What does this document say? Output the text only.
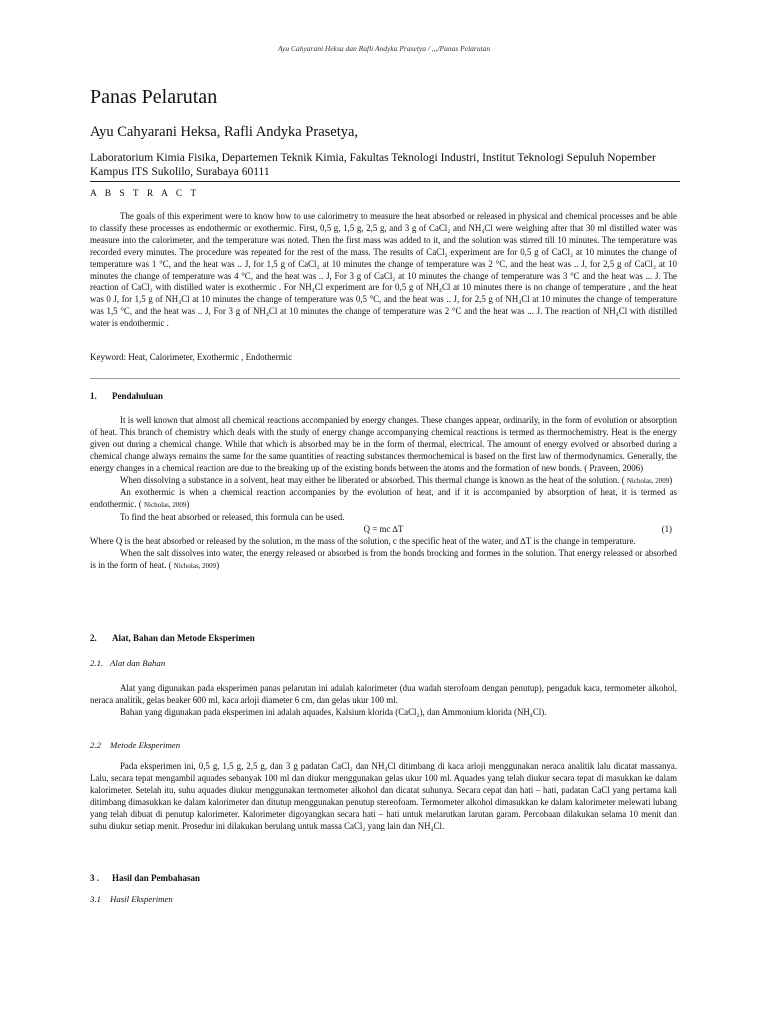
Ayu Cahyarani Heksa dan Rafli Andyka Prasetya / ,,,/Panas Pelarutan
Panas Pelarutan
Ayu Cahyarani Heksa, Rafli Andyka Prasetya,
Laboratorium Kimia Fisika, Departemen Teknik Kimia, Fakultas Teknologi Industri, Institut Teknologi Sepuluh Nopember Kampus ITS Sukolilo, Surabaya 60111
A B S T R A C T

The goals of this experiment were to know how to use calorimetry to measure the heat absorbed or released in physical and chemical processes and be able to classify these processes as endothermic or exothermic. First, 0,5 g, 1,5 g, 2,5 g, and 3 g of CaCl₂ and NH₄Cl were weighing after that 30 ml distilled water was measure into the calorimeter, and the temperature was noted. Then the first mass was added to it, and the solution was stirred till 10 minutes. The temperature was recorded every minutes. The procedure was repeated for the rest of the mass. The results of CaCl₂ experiment are for 0,5 g of CaCl₂ at 10 minutes the change of temperature was 1 °C, and the heat was .. J, for 1,5 g of CaCl₂ at 10 minutes the change of temperature was 2 °C, and the heat was .. J, for 2,5 g of CaCl₂ at 10 minutes the change of temperature was 4 °C, and the heat was .. J, For 3 g of CaCl₂ at 10 minutes the change of temperature was 3 °C and the heat was ... J. The reaction of CaCl₂ with distilled water is exothermic . For NH₄Cl experiment are for 0,5 g of NH₄Cl at 10 minutes there is no change of temperature , and the heat was 0 J, for 1,5 g of NH₄Cl at 10 minutes the change of temperature was 0,5 °C, and the heat was .. J, for 2,5 g of NH₄Cl at 10 minutes the change of temperature was 1,5 °C, and the heat was .. J, For 3 g of NH₄Cl at 10 minutes the change of temperature was 2 °C and the heat was ... J. The reaction of NH₄Cl with distilled water is endothermic .

Keyword: Heat, Calorimeter, Exothermic , Endothermic
1. Pendahuluan

It is well known that almost all chemical reactions accompanied by energy changes. These changes appear, ordinarily, in the form of evolution or absorption of heat. This branch of chemistry which deals with the study of energy change accompanying chemical reactions is termed as thermochemistry. Heat is the energy given out during a chemical change. While that which is absorbed may be in the form of thermal, electrical. The amount of energy evolved or absorbed during a chemical change always remains the same for the same quantities of reacting substances thermochemical is based on the first law of thermodynamics. Generally, the energy changes in a chemical reaction are due to the breaking up of the existing bonds between the atoms and the formation of new bonds. ( Praveen, 2006)

When dissolving a substance in a solvent, heat may either be liberated or absorbed. This thermal change is known as the heat of the solution. ( Nicholas, 2009)

An exothermic is when a chemical reaction accompanies by the evolution of heat, and if it is accompanied by absorption of heat, it is termed as endothermic. ( Nicholas, 2009)

To find the heat absorbed or released, this formula can be used.

Q = mc ∆T	(1)

Where Q is the heat absorbed or released by the solution, m the mass of the solution, c the specific heat of the water, and ∆T is the change in temperature.

When the salt dissolves into water, the energy released or absorbed is from the bonds brocking and formes in the solution. That energy released or absorbed is in the form of heat. ( Nicholas, 2009)

2. Alat, Bahan dan Metode Eksperimen
2.1. Alat dan Bahan

Alat yang digunakan pada eksperimen panas pelarutan ini adalah kalorimeter (dua wadah sterofoam dengan penutup), pengaduk kaca, termometer alkohol, neraca analitik, gelas beaker 600 ml, kaca arloji diameter 6 cm, dan gelas ukur 100 ml.

Bahan yang digunakan pada eksperimen ini adalah aquades, Kalsium klorida (CaCl₂), dan Ammonium klorida (NH₄Cl).

2.2 Metode Eksperimen

Pada eksperimen ini, 0,5 g, 1,5 g, 2,5 g, dan 3 g padatan CaCl₂ dan NH₄Cl ditimbang di kaca arloji menggunakan neraca analitik lalu dicatat massanya. Lalu, secara tepat mengambil aquades sebanyak 100 ml dan diukur menggunakan gelas ukur 100 ml. Aquades yang telah diukur secara tepat di masukkan ke dalam kalorimeter. Setelah itu, suhu aquades diukur menggunakan termometer alkohol dan dicatat suhunya. Secara cepat dan hati – hati, padatan CaCl yang pertama kali ditimbang dimasukkan ke dalam kalorimeter dan ditutup menggunakan penutup stereofoam. Termometer alkohol dimasukkan ke dalam kalorimeter melewati lubang yang telah dibuat di penutup kalorimeter. Kalorimeter digoyangkan secara hati – hati untuk melarutkan larutan garam. Percobaan dilakukan selama 10 menit dan suhu diukur setiap menit. Prosedur ini dilakukan berulang untuk massa CaCl₂ yang lain dan NH₄Cl.

3 . Hasil dan Pembahasan
3.1 Hasil Eksperimen
